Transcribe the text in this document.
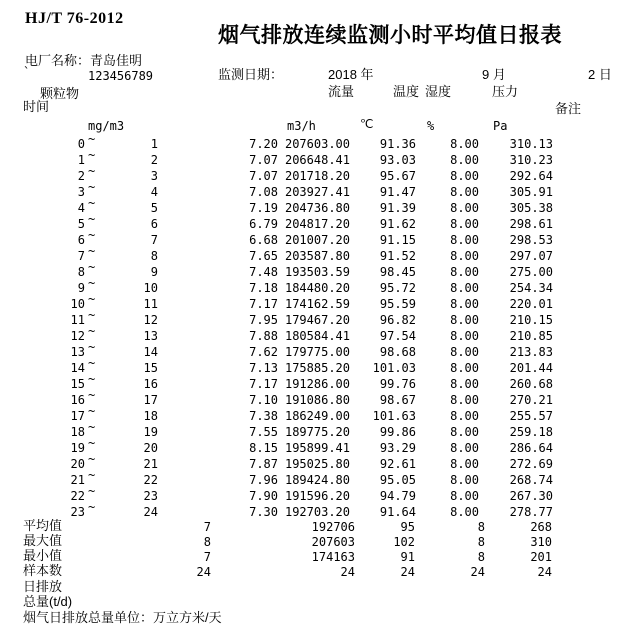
HJ/T 76-2012
烟气排放连续监测小时平均值日报表
电厂名称：青岛佳明
`	123456789	监测日期：	2018 年	9 月	2 日
颗粒物	流量	温度 湿度	压力
时间	备注
mg/m3	m3/h	℃	%	Pa
0 ~	1	7.20 207603.00	91.36	8.00	310.13
1 ~	2	7.07 206648.41	93.03	8.00	310.23
2 ~	3	7.07 201718.20	95.67	8.00	292.64
3 ~	4	7.08 203927.41	91.47	8.00	305.91
4 ~	5	7.19 204736.80	91.39	8.00	305.38
5 ~	6	6.79 204817.20	91.62	8.00	298.61
6 ~	7	6.68 201007.20	91.15	8.00	298.53
7 ~	8	7.65 203587.80	91.52	8.00	297.07
8 ~	9	7.48 193503.59	98.45	8.00	275.00
9 ~	10	7.18 184480.20	95.72	8.00	254.34
10 ~	11	7.17 174162.59	95.59	8.00	220.01
11 ~	12	7.95 179467.20	96.82	8.00	210.15
12 ~	13	7.88 180584.41	97.54	8.00	210.85
13 ~	14	7.62 179775.00	98.68	8.00	213.83
14 ~	15	7.13 175885.20	101.03	8.00	201.44
15 ~	16	7.17 191286.00	99.76	8.00	260.68
16 ~	17	7.10 191086.80	98.67	8.00	270.21
17 ~	18	7.38 186249.00	101.63	8.00	255.57
18 ~	19	7.55 189775.20	99.86	8.00	259.18
19 ~	20	8.15 195899.41	93.29	8.00	286.64
20 ~	21	7.87 195025.80	92.61	8.00	272.69
21 ~	22	7.96 189424.80	95.05	8.00	268.74
22 ~	23	7.90 191596.20	94.79	8.00	267.30
23 ~	24	7.30 192703.20	91.64	8.00	278.77
平均值	7	192706	95	8	268
最大值	8	207603	102	8	310
最小值	7	174163	91	8	201
样本数	24	24	24	24	24
日排放
总量(t/d)
烟气日排放总量单位：万立方米/天
